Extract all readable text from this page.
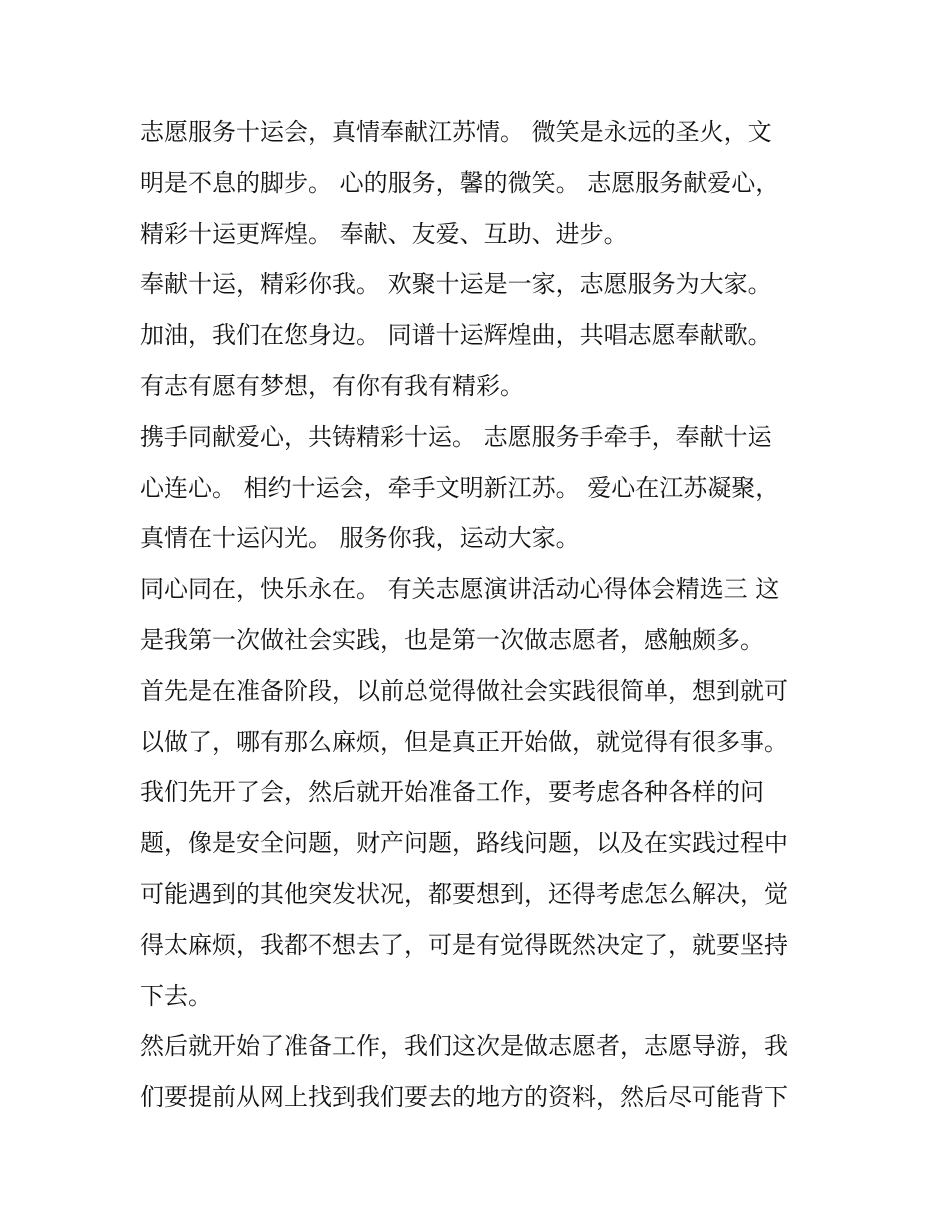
志愿服务十运会，真情奉献江苏情。 微笑是永远的圣火，文
明是不息的脚步。 心的服务，馨的微笑。 志愿服务献爱心，
精彩十运更辉煌。 奉献、友爱、互助、进步。
奉献十运，精彩你我。 欢聚十运是一家，志愿服务为大家。
加油，我们在您身边。 同谱十运辉煌曲，共唱志愿奉献歌。
有志有愿有梦想，有你有我有精彩。
携手同献爱心，共铸精彩十运。 志愿服务手牵手，奉献十运
心连心。 相约十运会，牵手文明新江苏。 爱心在江苏凝聚，
真情在十运闪光。 服务你我，运动大家。
同心同在，快乐永在。 有关志愿演讲活动心得体会精选三 这
是我第一次做社会实践，也是第一次做志愿者，感触颇多。
首先是在准备阶段，以前总觉得做社会实践很简单，想到就可
以做了，哪有那么麻烦，但是真正开始做，就觉得有很多事。
我们先开了会，然后就开始准备工作，要考虑各种各样的问
题，像是安全问题，财产问题，路线问题，以及在实践过程中
可能遇到的其他突发状况，都要想到，还得考虑怎么解决，觉
得太麻烦，我都不想去了，可是有觉得既然决定了，就要坚持
下去。
然后就开始了准备工作，我们这次是做志愿者，志愿导游，我
们要提前从网上找到我们要去的地方的资料，然后尽可能背下
